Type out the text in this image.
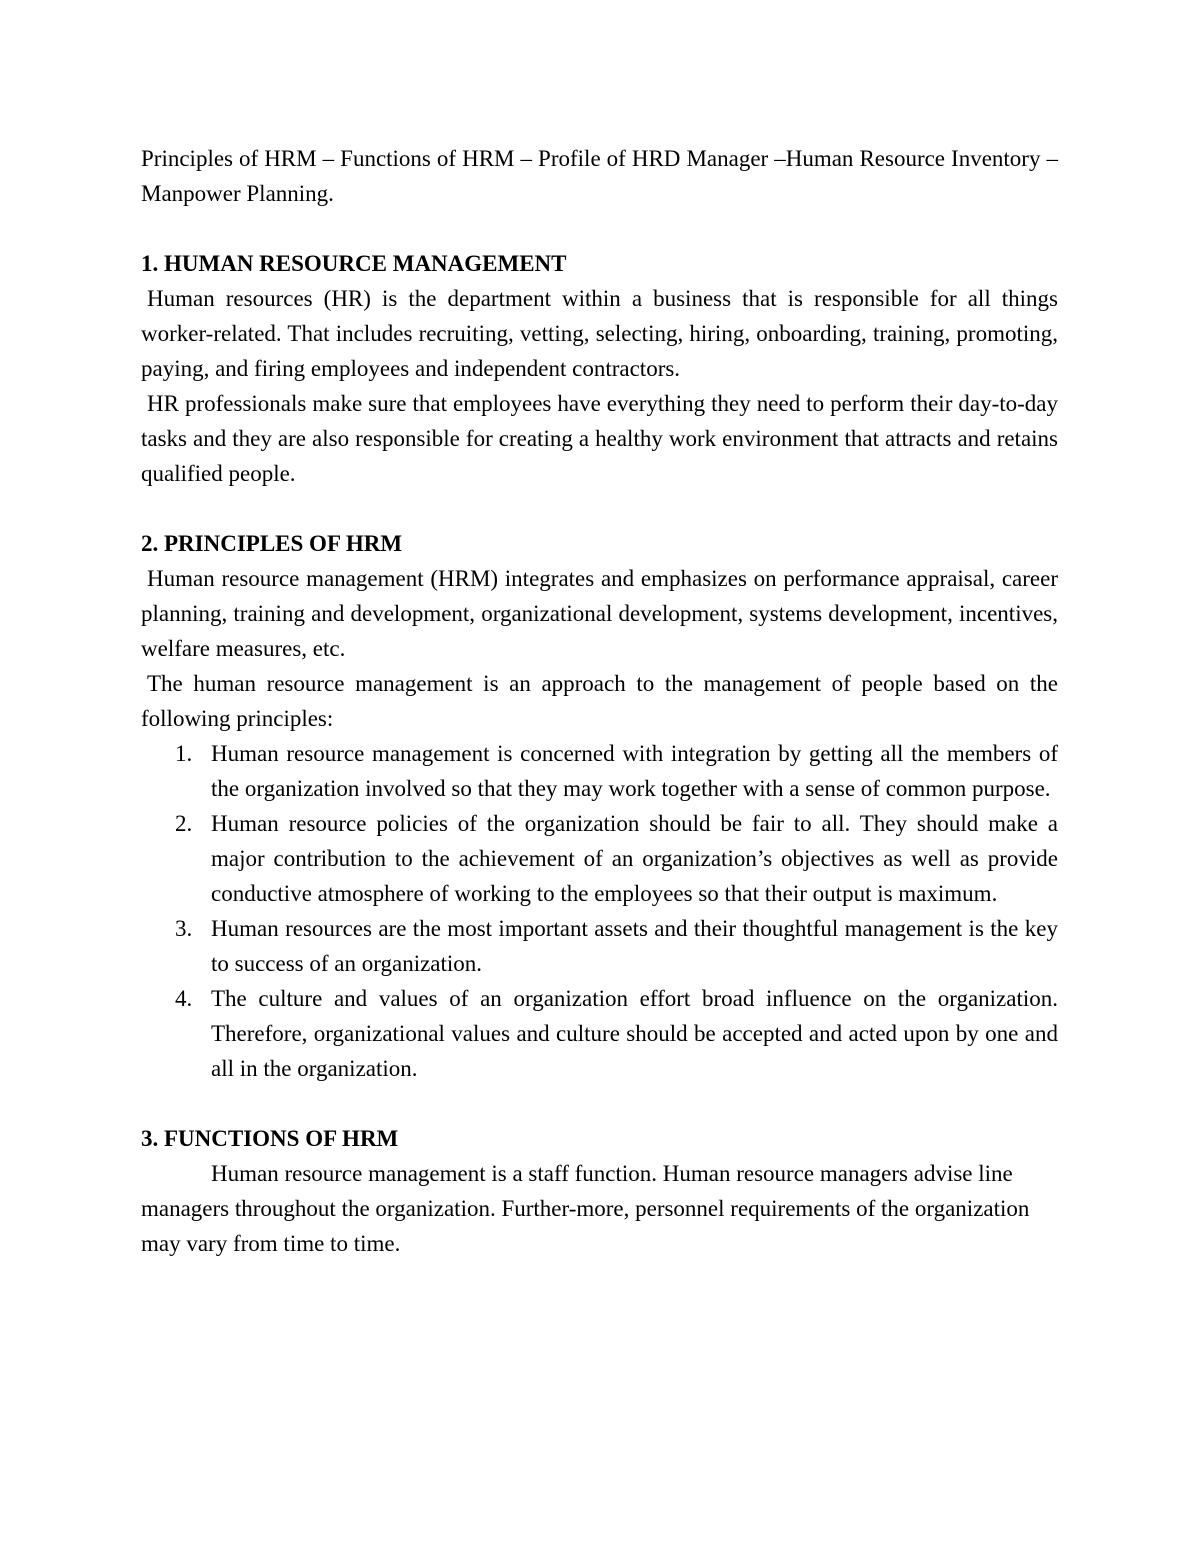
Principles of HRM – Functions of HRM – Profile of HRD Manager –Human Resource Inventory – Manpower Planning.

1. HUMAN RESOURCE MANAGEMENT

Human resources (HR) is the department within a business that is responsible for all things worker-related. That includes recruiting, vetting, selecting, hiring, onboarding, training, promoting, paying, and firing employees and independent contractors.

HR professionals make sure that employees have everything they need to perform their day-to-day tasks and they are also responsible for creating a healthy work environment that attracts and retains qualified people.

2. PRINCIPLES OF HRM

Human resource management (HRM) integrates and emphasizes on performance appraisal, career planning, training and development, organizational development, systems development, incentives, welfare measures, etc.

The human resource management is an approach to the management of people based on the following principles:

1. Human resource management is concerned with integration by getting all the members of the organization involved so that they may work together with a sense of common purpose.
2. Human resource policies of the organization should be fair to all. They should make a major contribution to the achievement of an organization’s objectives as well as provide conductive atmosphere of working to the employees so that their output is maximum.
3. Human resources are the most important assets and their thoughtful management is the key to success of an organization.
4. The culture and values of an organization effort broad influence on the organization. Therefore, organizational values and culture should be accepted and acted upon by one and all in the organization.

3. FUNCTIONS OF HRM

Human resource management is a staff function. Human resource managers advise line managers throughout the organization. Further-more, personnel requirements of the organization may vary from time to time.
